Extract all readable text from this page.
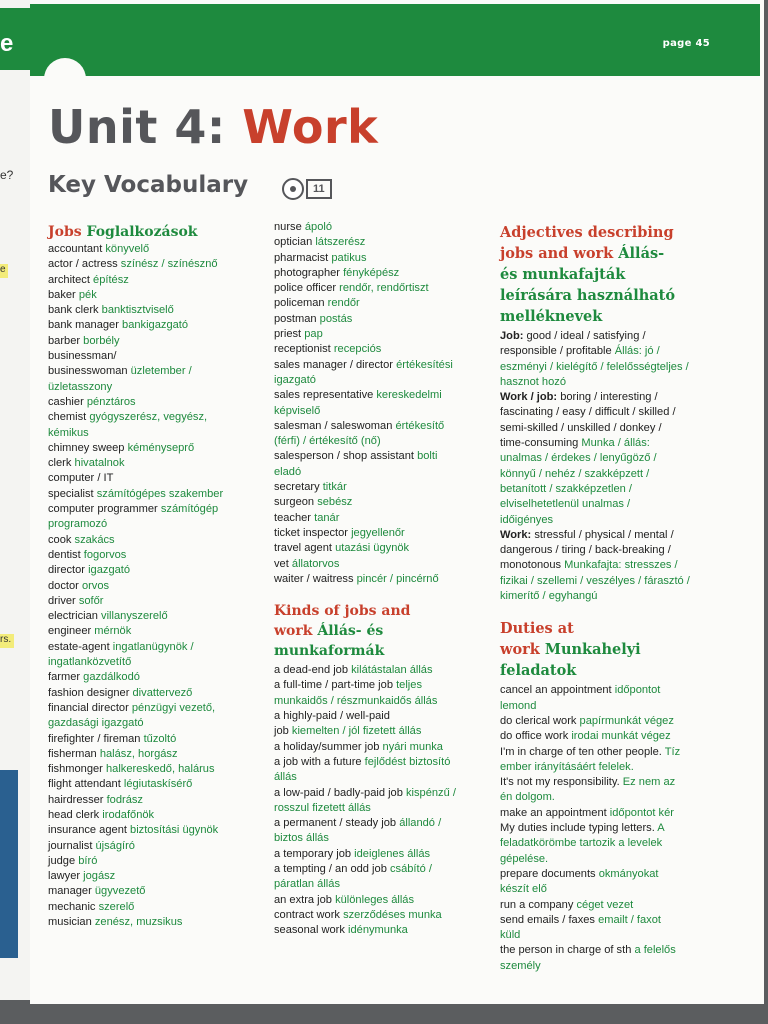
e
e?
e
rs.
page 45
Unit 4: Work
Key Vocabulary	11
Jobs Foglalkozások
accountant könyvelő
actor / actress színész / színésznő
architect építész
baker pék
bank clerk banktisztviselő
bank manager bankigazgató
barber borbély
businessman/
businesswoman üzletember /
üzletasszony
cashier pénztáros
chemist gyógyszerész, vegyész,
kémikus
chimney sweep kéményseprő
clerk hivatalnok
computer / IT
specialist számítógépes szakember
computer programmer számítógép
programozó
cook szakács
dentist fogorvos
director igazgató
doctor orvos
driver sofőr
electrician villanyszerelő
engineer mérnök
estate-agent ingatlanügynök /
ingatlanközvetítő
farmer gazdálkodó
fashion designer divattervező
financial director pénzügyi vezető,
gazdasági igazgató
firefighter / fireman tűzoltó
fisherman halász, horgász
fishmonger halkereskedő, halárus
flight attendant légiutaskísérő
hairdresser fodrász
head clerk irodafőnök
insurance agent biztosítási ügynök
journalist újságíró
judge bíró
lawyer jogász
manager ügyvezető
mechanic szerelő
musician zenész, muzsikus
nurse ápoló
optician látszerész
pharmacist patikus
photographer fényképész
police officer rendőr, rendőrtiszt
policeman rendőr
postman postás
priest pap
receptionist recepciós
sales manager / director értékesítési
igazgató
sales representative kereskedelmi
képviselő
salesman / saleswoman értékesítő
(férfi) / értékesítő (nő)
salesperson / shop assistant bolti
eladó
secretary titkár
surgeon sebész
teacher tanár
ticket inspector jegyellenőr
travel agent utazási ügynök
vet állatorvos
waiter / waitress pincér / pincérnő
Kinds of jobs and
work Állás- és
munkaformák
a dead-end job kilátástalan állás
a full-time / part-time job teljes
munkaidős / részmunkaidős állás
a highly-paid / well-paid
job kiemelten / jól fizetett állás
a holiday/summer job nyári munka
a job with a future fejlődést biztosító
állás
a low-paid / badly-paid job kispénzű /
rosszul fizetett állás
a permanent / steady job állandó /
biztos állás
a temporary job ideiglenes állás
a tempting / an odd job csábító /
páratlan állás
an extra job különleges állás
contract work szerződéses munka
seasonal work idénymunka
Adjectives describing
jobs and work Állás-
és munkafajták
leírására használható
melléknevek
Job: good / ideal / satisfying /
responsible / profitable Állás: jó /
eszményi / kielégítő / felelősségteljes /
hasznot hozó
Work / job: boring / interesting /
fascinating / easy / difficult / skilled /
semi-skilled / unskilled / donkey /
time-consuming Munka / állás:
unalmas / érdekes / lenyűgöző /
könnyű / nehéz / szakképzett /
betanított / szakképzetlen /
elviselhetetlenül unalmas /
időigényes
Work: stressful / physical / mental /
dangerous / tiring / back-breaking /
monotonous Munkafajta: stresszes /
fizikai / szellemi / veszélyes / fárasztó /
kimerítő / egyhangú
Duties at
work Munkahelyi
feladatok
cancel an appointment időpontot
lemond
do clerical work papírmunkát végez
do office work irodai munkát végez
I'm in charge of ten other people. Tíz
ember irányításáért felelek.
It's not my responsibility. Ez nem az
én dolgom.
make an appointment időpontot kér
My duties include typing letters. A
feladatkörömbe tartozik a levelek
gépelése.
prepare documents okmányokat
készít elő
run a company céget vezet
send emails / faxes emailt / faxot
küld
the person in charge of sth a felelős
személy
